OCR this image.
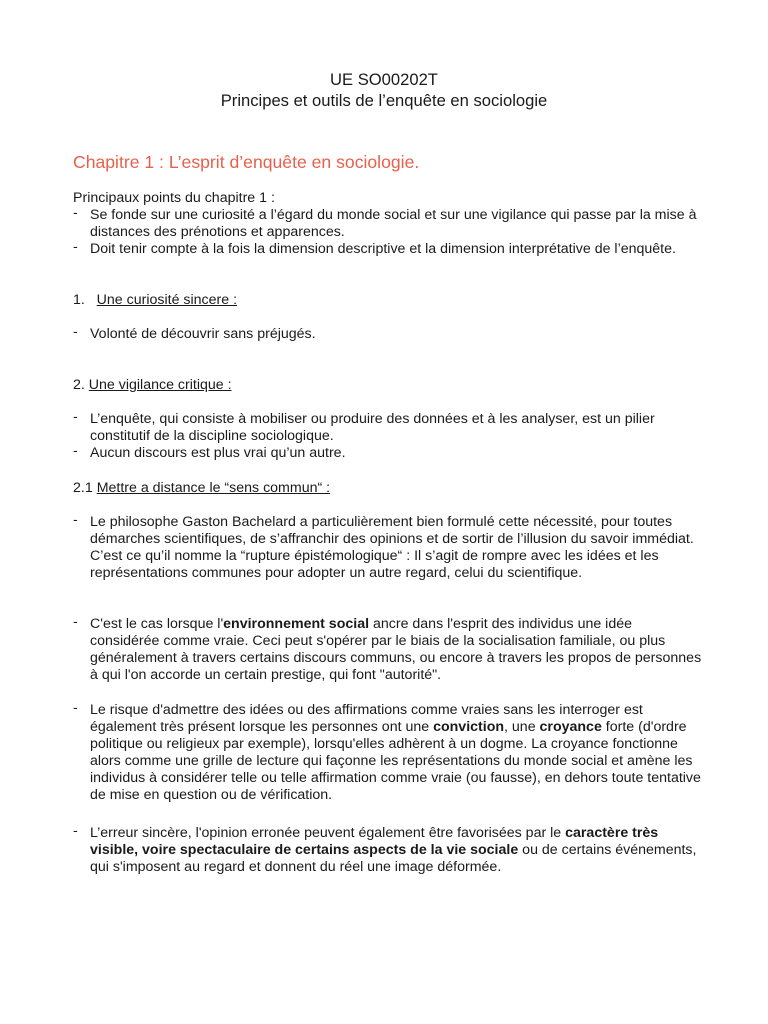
UE SO00202T
Principes et outils de l’enquête en sociologie
Chapitre 1 : L’esprit d’enquête en sociologie.

Principaux points du chapitre 1 :

- Se fonde sur une curiosité a l’égard du monde social et sur une vigilance qui passe par la mise à distances des prénotions et apparences.
- Doit tenir compte à la fois la dimension descriptive et la dimension interprétative de l’enquête.
1. Une curiosité sincere :
- Volonté de découvrir sans préjugés.
2. Une vigilance critique :
- L’enquête, qui consiste à mobiliser ou produire des données et à les analyser, est un pilier constitutif de la discipline sociologique.
- Aucun discours est plus vrai qu’un autre.
2.1 Mettre a distance le “sens commun“ :
- Le philosophe Gaston Bachelard a particulièrement bien formulé cette nécessité, pour toutes démarches scientifiques, de s’affranchir des opinions et de sortir de l’illusion du savoir immédiat. C’est ce qu’il nomme la “rupture épistémologique“ : Il s’agit de rompre avec les idées et les représentations communes pour adopter un autre regard, celui du scientifique.
- C'est le cas lorsque l'environnement social ancre dans l'esprit des individus une idée considérée comme vraie. Ceci peut s'opérer par le biais de la socialisation familiale, ou plus généralement à travers certains discours communs, ou encore à travers les propos de personnes à qui l'on accorde un certain prestige, qui font "autorité".
- Le risque d'admettre des idées ou des affirmations comme vraies sans les interroger est également très présent lorsque les personnes ont une conviction, une croyance forte (d'ordre politique ou religieux par exemple), lorsqu'elles adhèrent à un dogme. La croyance fonctionne alors comme une grille de lecture qui façonne les représentations du monde social et amène les individus à considérer telle ou telle affirmation comme vraie (ou fausse), en dehors toute tentative de mise en question ou de vérification.
- L’erreur sincère, l'opinion erronée peuvent également être favorisées par le caractère très visible, voire spectaculaire de certains aspects de la vie sociale ou de certains événements, qui s'imposent au regard et donnent du réel une image déformée.
